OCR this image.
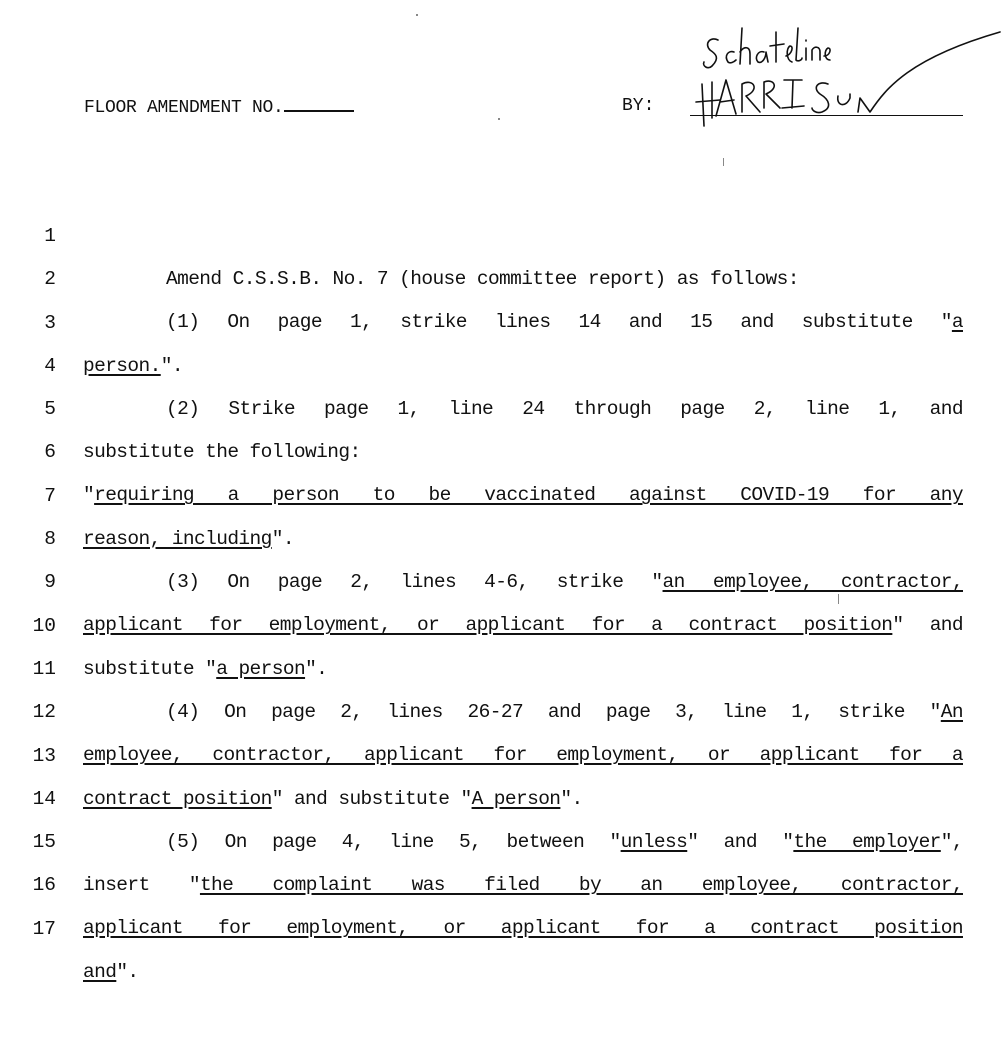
FLOOR AMENDMENT NO.	BY:

1

Amend C.S.S.B. No. 7 (house committee report) as follows:

2

(1) On page 1, strike lines 14 and 15 and substitute "a

3

person.".

4

(2) Strike page 1, line 24 through page 2, line 1, and

5

substitute the following:

6

"requiring a person to be vaccinated against COVID-19 for any

7

reason, including".

8

(3) On page 2, lines 4-6, strike "an employee, contractor,

9

applicant for employment, or applicant for a contract position" and

10

substitute "a person".

11

(4) On page 2, lines 26-27 and page 3, line 1, strike "An

12

employee, contractor, applicant for employment, or applicant for a

13

contract position" and substitute "A person".

14

(5) On page 4, line 5, between "unless" and "the employer",

15

insert "the complaint was filed by an employee, contractor,

16

applicant for employment, or applicant for a contract position

17

and".
